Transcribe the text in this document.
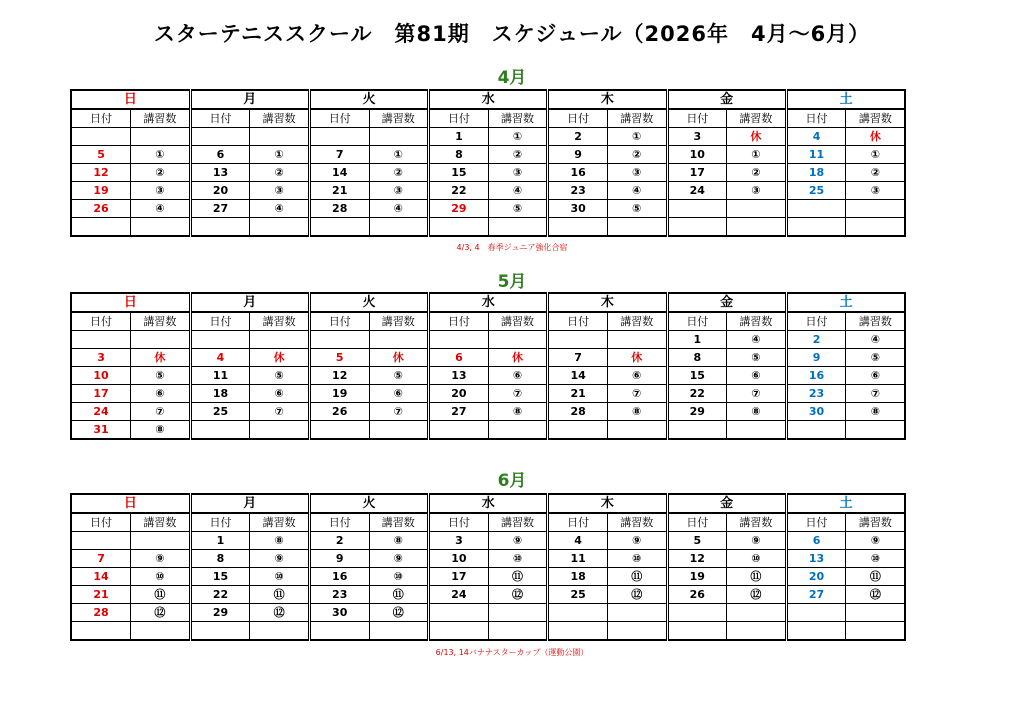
スターテニススクール　第81期　スケジュール（2026年　4月～6月）
4月
日		月		火		水		木		金		土	
日付	講習数	日付	講習数	日付	講習数	日付	講習数	日付	講習数	日付	講習数	日付	講習数
						1	①	2	①	3	休	4	休
5	①	6	①	7	①	8	②	9	②	10	①	11	①
12	②	13	②	14	②	15	③	16	③	17	②	18	②
19	③	20	③	21	③	22	④	23	④	24	③	25	③
26	④	27	④	28	④	29	⑤	30	⑤				

4/3, 4　春季ジュニア強化合宿
5月
日		月		火		水		木		金		土	
日付	講習数	日付	講習数	日付	講習数	日付	講習数	日付	講習数	日付	講習数	日付	講習数
										1	④	2	④
3	休	4	休	5	休	6	休	7	休	8	⑤	9	⑤
10	⑤	11	⑤	12	⑤	13	⑥	14	⑥	15	⑥	16	⑥
17	⑥	18	⑥	19	⑥	20	⑦	21	⑦	22	⑦	23	⑦
24	⑦	25	⑦	26	⑦	27	⑧	28	⑧	29	⑧	30	⑧
31	⑧												
6月
日		月		火		水		木		金		土	
日付	講習数	日付	講習数	日付	講習数	日付	講習数	日付	講習数	日付	講習数	日付	講習数
		1	⑧	2	⑧	3	⑨	4	⑨	5	⑨	6	⑨
7	⑨	8	⑨	9	⑨	10	⑩	11	⑩	12	⑩	13	⑩
14	⑩	15	⑩	16	⑩	17	⑪	18	⑪	19	⑪	20	⑪
21	⑪	22	⑪	23	⑪	24	⑫	25	⑫	26	⑫	27	⑫
28	⑫	29	⑫	30	⑫								

6/13, 14バナナスターカップ（運動公園）
